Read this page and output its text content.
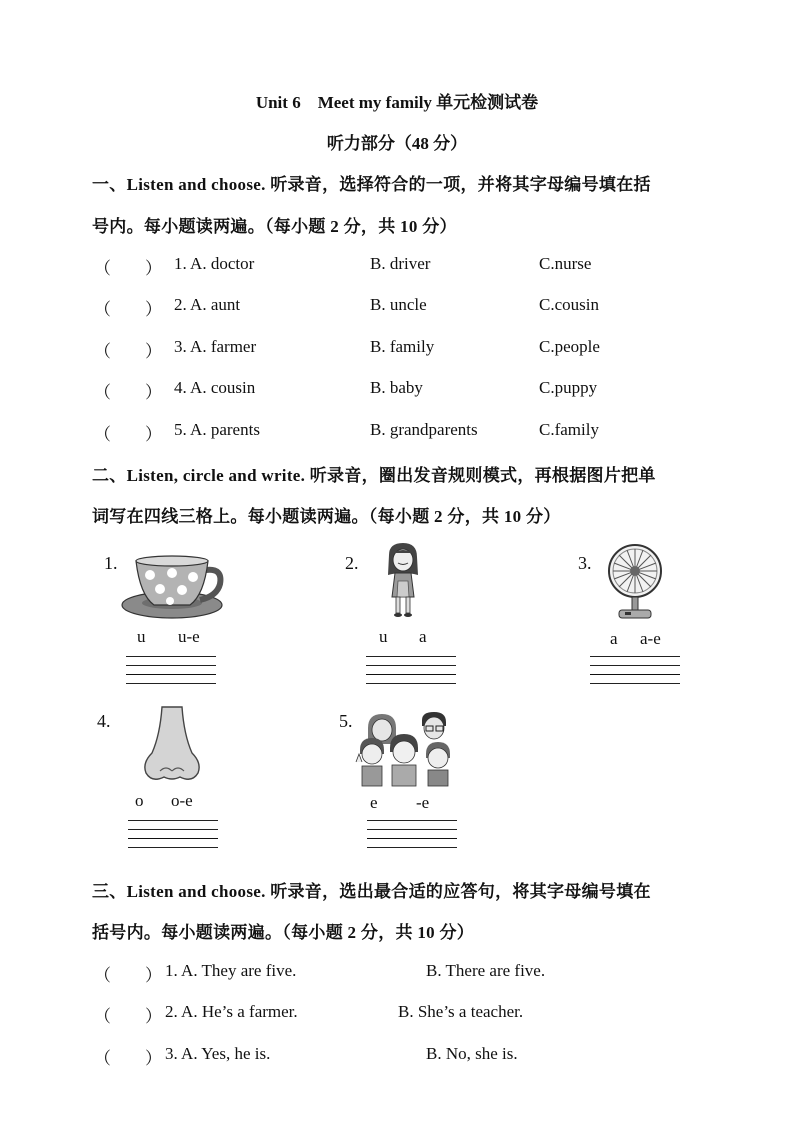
Unit 6　Meet my family 单元检测试卷
听力部分（48 分）
一、Listen and choose. 听录音，选择符合的一项，并将其字母编号填在括
号内。每小题读两遍。（每小题 2 分，共 10 分）
（　　） 1. A. doctor	B. driver	C.nurse
（　　） 2. A. aunt	B. uncle	C.cousin
（　　） 3. A. farmer	B. family	C.people
（　　） 4. A. cousin	B. baby	C.puppy
（　　） 5. A. parents	B. grandparents	C.family
二、Listen, circle and write. 听录音，圈出发音规则模式，再根据图片把单
词写在四线三格上。每小题读两遍。（每小题 2 分，共 10 分）
1.
u u-e
2.
u a
3.
a a-e
4.
o o-e
5.
e -e
三、Listen and choose. 听录音，选出最合适的应答句，将其字母编号填在
括号内。每小题读两遍。（每小题 2 分，共 10 分）
（　　） 1. A. They are five.	B. There are five.
（　　） 2. A. He’s a farmer.	B. She’s a teacher.
（　　） 3. A. Yes, he is.	B. No, she is.
